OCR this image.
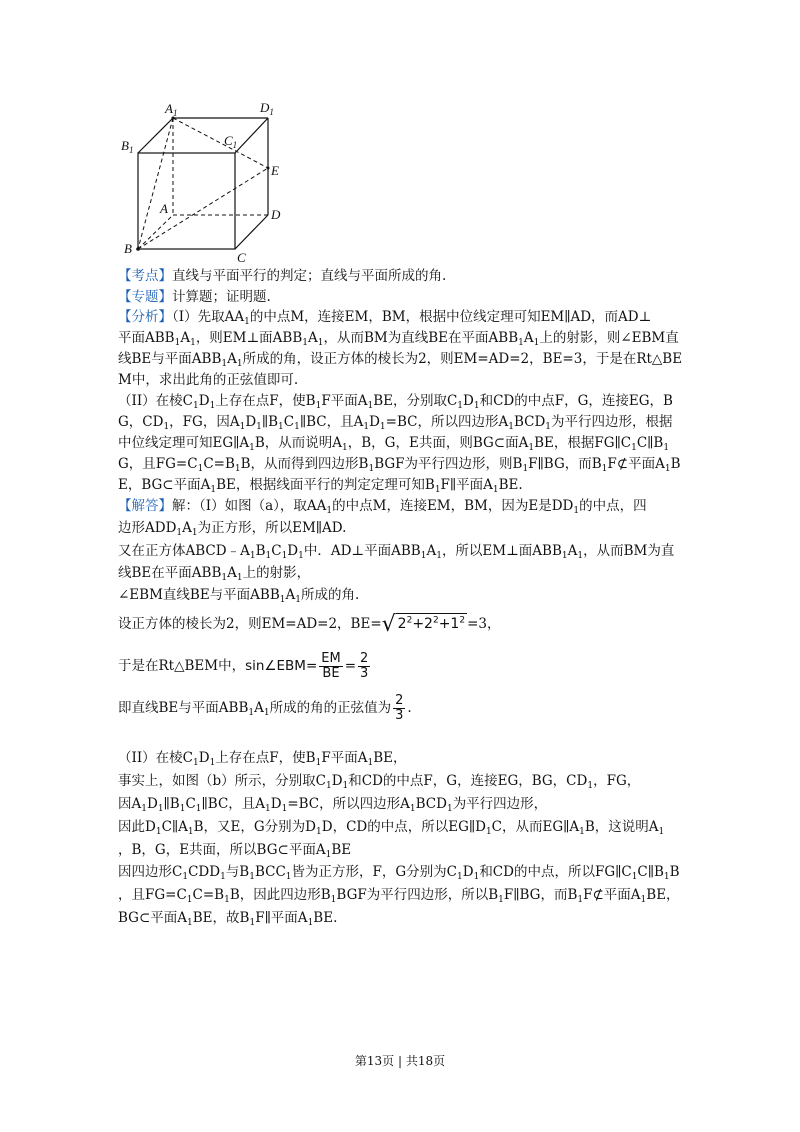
$A_1$	$D_1$
$B_1$
$C_1$
E
A	D
B
C
【考点】直线与平面平行的判定；直线与平面所成的角.
【专题】计算题；证明题.
【分析】（I）先取$AA_1$的中点M，连接EM，BM，根据中位线定理可知EM∥AD，而AD⊥
平面$ABB_1A_1$，则EM⊥面$ABB_1A_1$，从而BM为直线BE在平面$ABB_1A_1$上的射影，则∠EBM直
线BE与平面$ABB_1A_1$所成的角，设正方体的棱长为2，则EM=AD=2，BE=3，于是在Rt△BE
M中，求出此角的正弦值即可.
（II）在棱$C_1D_1$上存在点F，使$B_1F$平面$A_1BE$，分别取$C_1D_1$和CD的中点F，G，连接EG，B
G，$CD_1$，FG，因$A_1D_1\parallel B_1C_1\parallel BC$，且$A_1D_1=BC$，所以四边形$A_1BCD_1$为平行四边形，根据
中位线定理可知$EG\parallel A_1B$，从而说明$A_1$，B，G，E共面，则BG⊂面$A_1BE$，根据$FG\parallel C_1C\parallel B_1$
G，且$FG=C_1C=B_1B$，从而得到四边形$B_1BGF$为平行四边形，则$B_1F\parallel BG$，而$B_1F⊄$平面$A_1B$
E，BG⊂平面$A_1BE$，根据线面平行的判定定理可知$B_1F\parallel$平面$A_1BE$.
【解答】解：（I）如图（a），取$AA_1$的中点M，连接EM，BM，因为E是$DD_1$的中点，四
边形$ADD_1A_1$为正方形，所以EM∥AD.
又在正方体$ABCD﹣A_1B_1C_1D_1$中．AD⊥平面$ABB_1A_1$，所以EM⊥面$ABB_1A_1$，从而BM为直
线BE在平面$ABB_1A_1$上的射影，
∠EBM直线BE与平面$ABB_1A_1$所成的角.
设正方体的棱长为2，则EM=AD=2，BE=√ $2^2+2^2+1^2 =3$，
于是在Rt△BEM中，sin∠EBM= $\frac{EM}{BE} = \frac{2}{3}$
即直线BE与平面$ABB_1A_1$所成的角的正弦值为 $\frac{2}{3}$ .
（II）在棱$C_1D_1$上存在点F，使$B_1F$平面$A_1BE$，
事实上，如图（b）所示，分别取$C_1D_1$和CD的中点F，G，连接EG，BG，$CD_1$，FG，
因$A_1D_1\parallel B_1C_1\parallel BC$，且$A_1D_1=BC$，所以四边形$A_1BCD_1$为平行四边形，
因此$D_1C\parallel A_1B$，又E，G分别为$D_1D$，CD的中点，所以$EG\parallel D_1C$，从而$EG\parallel A_1B$，这说明$A_1$
，B，G，E共面，所以BG⊂平面$A_1BE$
因四边形$C_1CDD_1$与$B_1BCC_1$皆为正方形，F，G分别为$C_1D_1$和CD的中点，所以$FG\parallel C_1C\parallel B_1B$
，且$FG=C_1C=B_1B$，因此四边形$B_1BGF$为平行四边形，所以$B_1F\parallel BG$，而$B_1F⊄$平面$A_1BE$，
BG⊂平面$A_1BE$，故$B_1F\parallel$平面$A_1BE$.
第13页 | 共18页
